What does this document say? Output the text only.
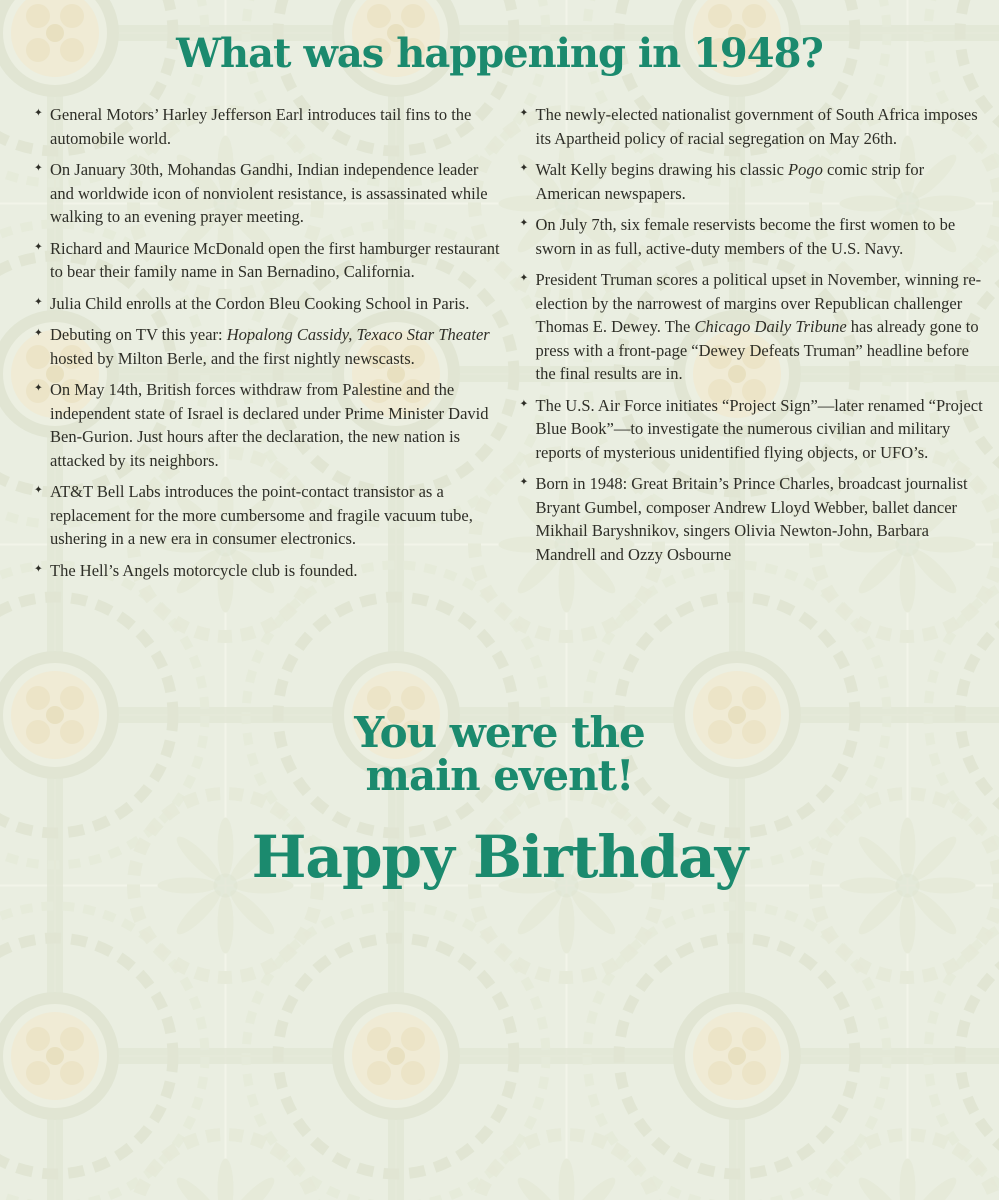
What was happening in 1948?
✦ General Motors’ Harley Jefferson Earl introduces tail fins to the automobile world.
✦ On January 30th, Mohandas Gandhi, Indian independence leader and worldwide icon of nonviolent resistance, is assassinated while walking to an evening prayer meeting.
✦ Richard and Maurice McDonald open the first hamburger restaurant to bear their family name in San Bernadino, California.
✦ Julia Child enrolls at the Cordon Bleu Cooking School in Paris.
✦ Debuting on TV this year: Hopalong Cassidy, Texaco Star Theater hosted by Milton Berle, and the first nightly newscasts.
✦ On May 14th, British forces withdraw from Palestine and the independent state of Israel is declared under Prime Minister David Ben-Gurion. Just hours after the declaration, the new nation is attacked by its neighbors.
✦ AT&T Bell Labs introduces the point-contact transistor as a replacement for the more cumbersome and fragile vacuum tube, ushering in a new era in consumer electronics.
✦ The Hell’s Angels motorcycle club is founded.
✦ The newly-elected nationalist government of South Africa imposes its Apartheid policy of racial segregation on May 26th.
✦ Walt Kelly begins drawing his classic Pogo comic strip for American newspapers.
✦ On July 7th, six female reservists become the first women to be sworn in as full, active-duty members of the U.S. Navy.
✦ President Truman scores a political upset in November, winning re-election by the narrowest of margins over Republican challenger Thomas E. Dewey. The Chicago Daily Tribune has already gone to press with a front-page “Dewey Defeats Truman” headline before the final results are in.
✦ The U.S. Air Force initiates “Project Sign”—later renamed “Project Blue Book”—to investigate the numerous civilian and military reports of mysterious unidentified flying objects, or UFO’s.
✦ Born in 1948: Great Britain’s Prince Charles, broadcast journalist Bryant Gumbel, composer Andrew Lloyd Webber, ballet dancer Mikhail Baryshnikov, singers Olivia Newton-John, Barbara Mandrell and Ozzy Osbourne
You were the
main event!
Happy Birthday
